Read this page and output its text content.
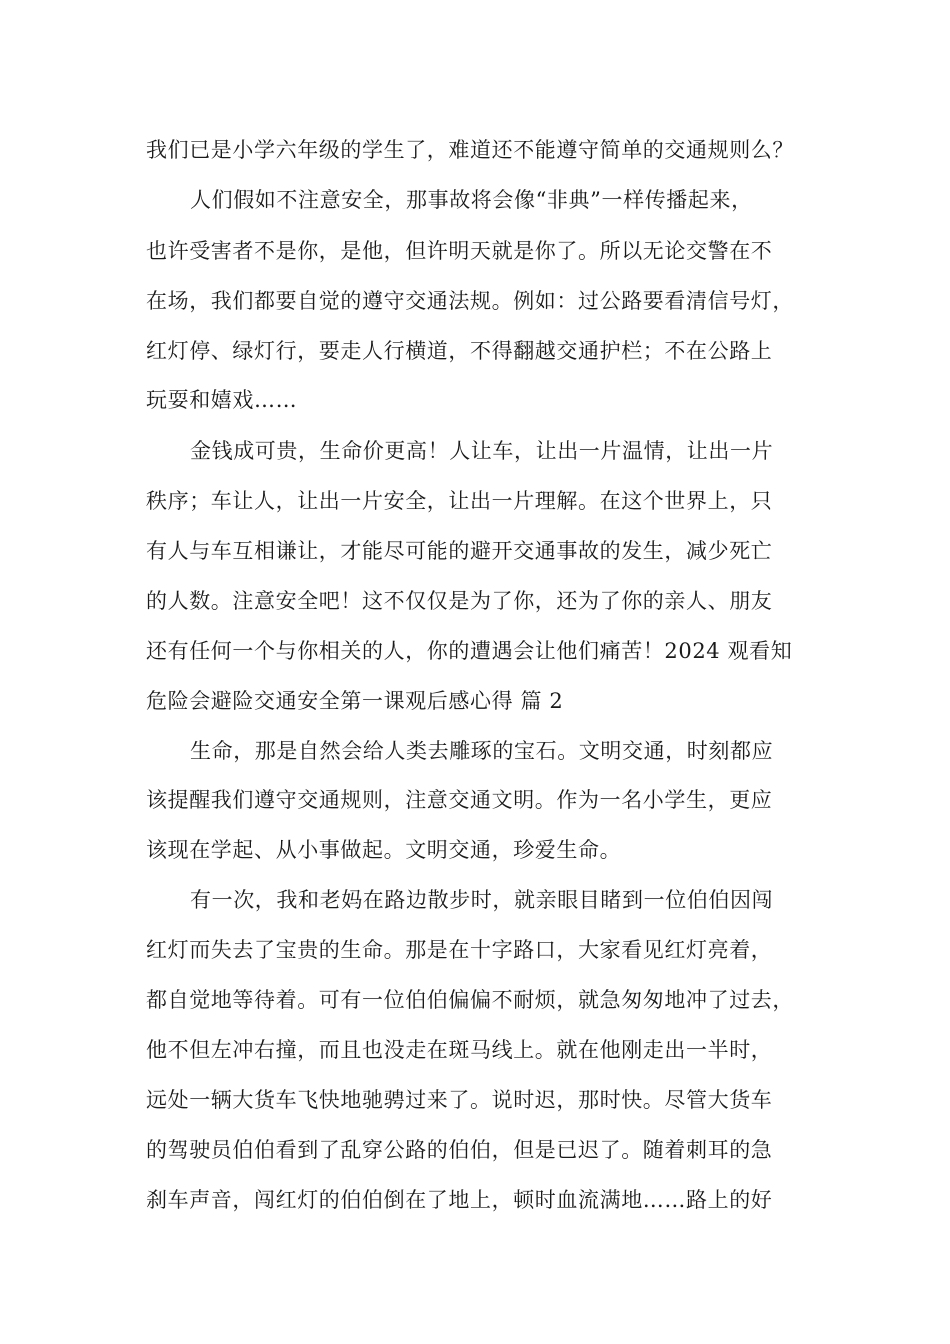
我们已是小学六年级的学生了，难道还不能遵守简单的交通规则么？
人们假如不注意安全，那事故将会像“非典”一样传播起来，
也许受害者不是你，是他，但许明天就是你了。所以无论交警在不
在场，我们都要自觉的遵守交通法规。例如：过公路要看清信号灯，
红灯停、绿灯行，要走人行横道，不得翻越交通护栏；不在公路上
玩耍和嬉戏……
金钱成可贵，生命价更高！人让车，让出一片温情，让出一片
秩序；车让人，让出一片安全，让出一片理解。在这个世界上，只
有人与车互相谦让，才能尽可能的避开交通事故的发生，减少死亡
的人数。注意安全吧！这不仅仅是为了你，还为了你的亲人、朋友
还有任何一个与你相关的人，你的遭遇会让他们痛苦！2024 观看知
危险会避险交通安全第一课观后感心得 篇 2
生命，那是自然会给人类去雕琢的宝石。文明交通，时刻都应
该提醒我们遵守交通规则，注意交通文明。作为一名小学生，更应
该现在学起、从小事做起。文明交通，珍爱生命。
有一次，我和老妈在路边散步时，就亲眼目睹到一位伯伯因闯
红灯而失去了宝贵的生命。那是在十字路口，大家看见红灯亮着，
都自觉地等待着。可有一位伯伯偏偏不耐烦，就急匆匆地冲了过去，
他不但左冲右撞，而且也没走在斑马线上。就在他刚走出一半时，
远处一辆大货车飞快地驰骋过来了。说时迟，那时快。尽管大货车
的驾驶员伯伯看到了乱穿公路的伯伯，但是已迟了。随着刺耳的急
刹车声音，闯红灯的伯伯倒在了地上，顿时血流满地……路上的好
